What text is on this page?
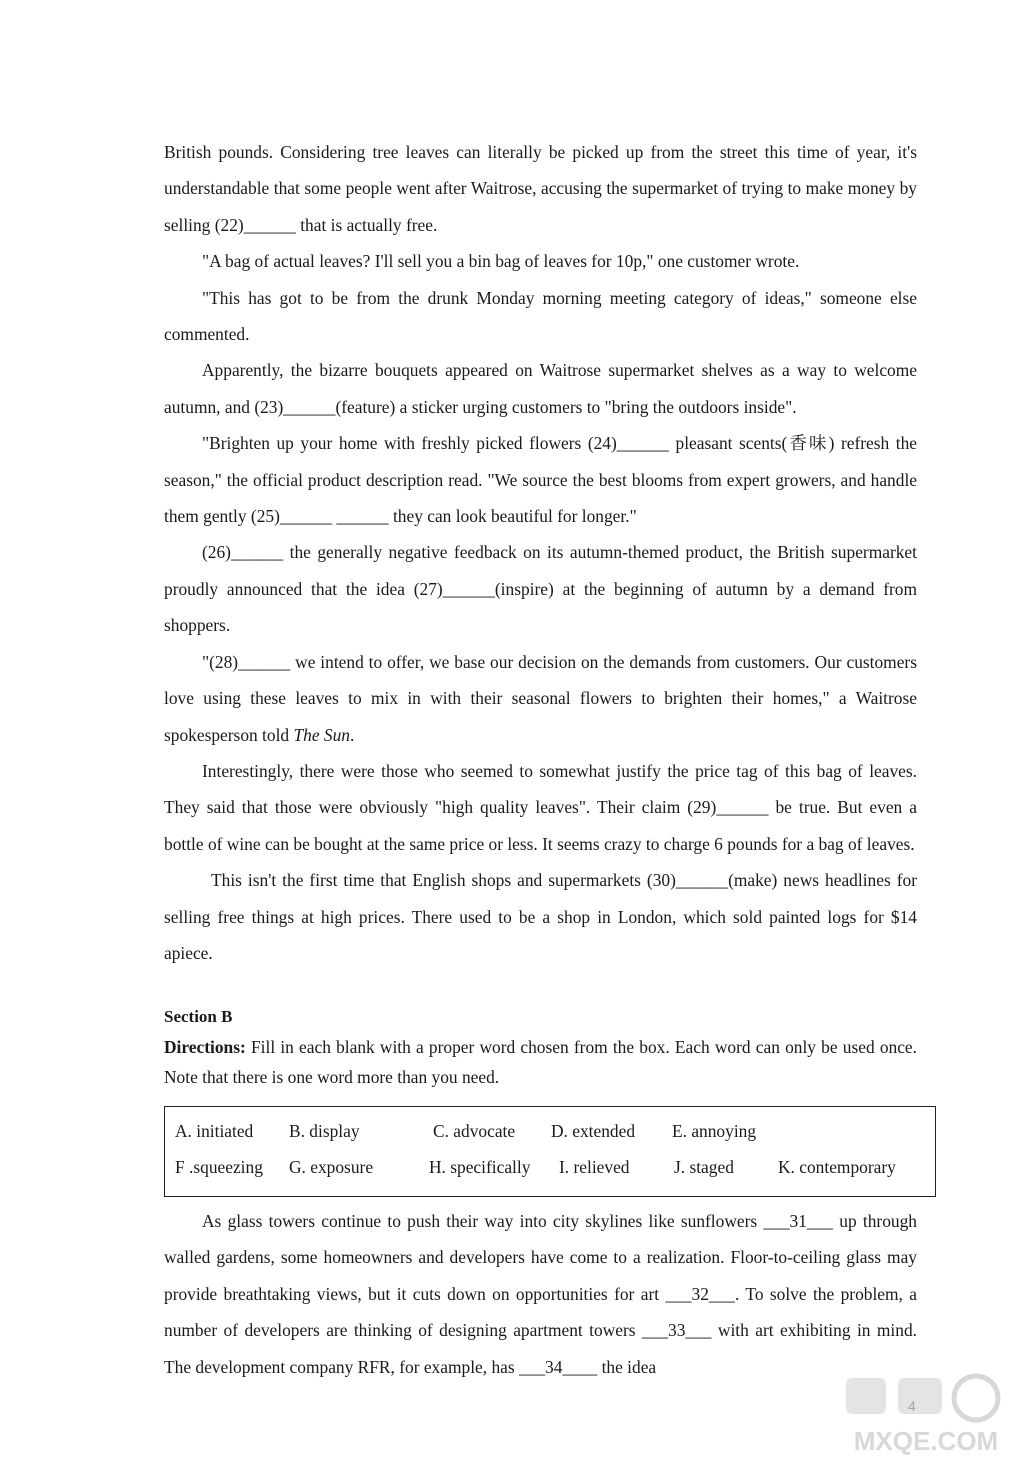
British pounds. Considering tree leaves can literally be picked up from the street this time of year, it's understandable that some people went after Waitrose, accusing the supermarket of trying to make money by selling (22)______ that is actually free.

"A bag of actual leaves? I'll sell you a bin bag of leaves for 10p," one customer wrote.

"This has got to be from the drunk Monday morning meeting category of ideas," someone else commented.

Apparently, the bizarre bouquets appeared on Waitrose supermarket shelves as a way to welcome autumn, and (23)______(feature) a sticker urging customers to "bring the outdoors inside".

"Brighten up your home with freshly picked flowers (24)______ pleasant scents(香味) refresh the season," the official product description read. "We source the best blooms from expert growers, and handle them gently (25)______ ______ they can look beautiful for longer."

(26)______ the generally negative feedback on its autumn-themed product, the British supermarket proudly announced that the idea (27)______(inspire) at the beginning of autumn by a demand from shoppers.

"(28)______ we intend to offer, we base our decision on the demands from customers. Our customers love using these leaves to mix in with their seasonal flowers to brighten their homes," a Waitrose spokesperson told The Sun.

Interestingly, there were those who seemed to somewhat justify the price tag of this bag of leaves. They said that those were obviously "high quality leaves". Their claim (29)______ be true. But even a bottle of wine can be bought at the same price or less. It seems crazy to charge 6 pounds for a bag of leaves.

This isn't the first time that English shops and supermarkets (30)______(make) news headlines for selling free things at high prices. There used to be a shop in London, which sold painted logs for $14 apiece.

Section B

Directions: Fill in each blank with a proper word chosen from the box. Each word can only be used once. Note that there is one word more than you need.

A. initiated B. display	C. advocate D. extended E. annoying
F .squeezing G. exposure	H. specifically I. relieved	J. staged	K. contemporary

As glass towers continue to push their way into city skylines like sunflowers ___31___ up through walled gardens, some homeowners and developers have come to a realization. Floor-to-ceiling glass may provide breathtaking views, but it cuts down on opportunities for art ___32___. To solve the problem, a number of developers are thinking of designing apartment towers ___33___ with art exhibiting in mind. The development company RFR, for example, has ___34____ the idea

MXQE.COM
